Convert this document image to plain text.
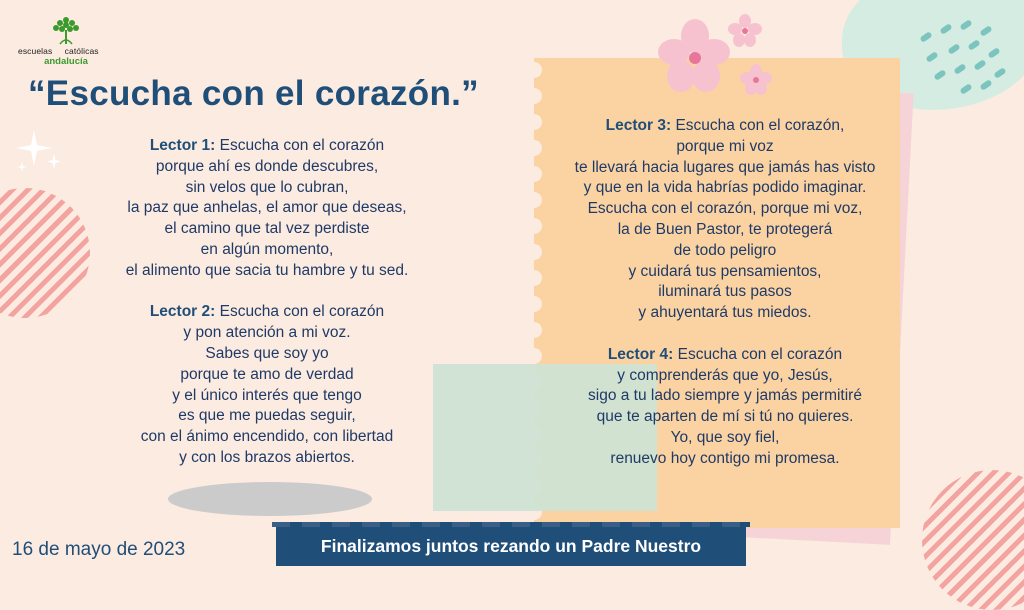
escuelas     católicas
andalucía
“Escucha con el corazón.”
Lector 1: Escucha con el corazón
porque ahí es donde descubres,
sin velos que lo cubran,
la paz que anhelas, el amor que deseas,
el camino que tal vez perdiste
en algún momento,
el alimento que sacia tu hambre y tu sed.
Lector 2: Escucha con el corazón
y pon atención a mi voz.
Sabes que soy yo
porque te amo de verdad
y el único interés que tengo
es que me puedas seguir,
con el ánimo encendido, con libertad
y con los brazos abiertos.
Lector 3: Escucha con el corazón,
porque mi voz
te llevará hacia lugares que jamás has visto
y que en la vida habrías podido imaginar.
Escucha con el corazón, porque mi voz,
la de Buen Pastor, te protegerá
de todo peligro
y cuidará tus pensamientos,
iluminará tus pasos
y ahuyentará tus miedos.
Lector 4: Escucha con el corazón
y comprenderás que yo, Jesús,
sigo a tu lado siempre y jamás permitiré
que te aparten de mí si tú no quieres.
Yo, que soy fiel,
renuevo hoy contigo mi promesa.
16 de mayo de 2023	Finalizamos juntos rezando un Padre Nuestro
